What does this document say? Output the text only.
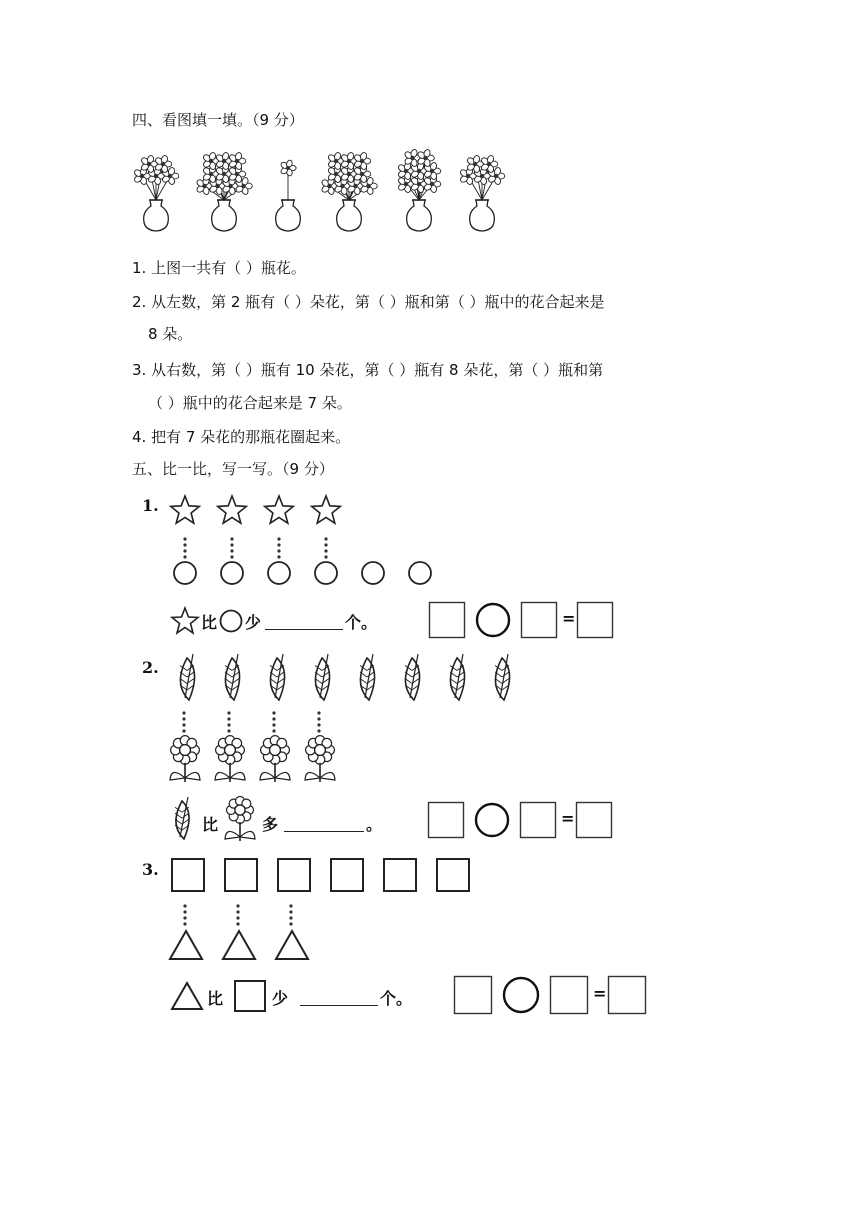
四、看图填一填。（9 分）
1. 上图一共有（ ）瓶花。
2. 从左数，第 2 瓶有（ ）朵花，第（ ）瓶和第（ ）瓶中的花合起来是
8 朵。
3. 从右数，第（ ）瓶有 10 朵花，第（ ）瓶有 8 朵花，第（ ）瓶和第
（ ）瓶中的花合起来是 7 朵。
4. 把有 7 朵花的那瓶花圈起来。
五、比一比，写一写。（9 分）
1.
比 少	个。	=
2.
比	多	。	=
3.
比	少	个。	=
